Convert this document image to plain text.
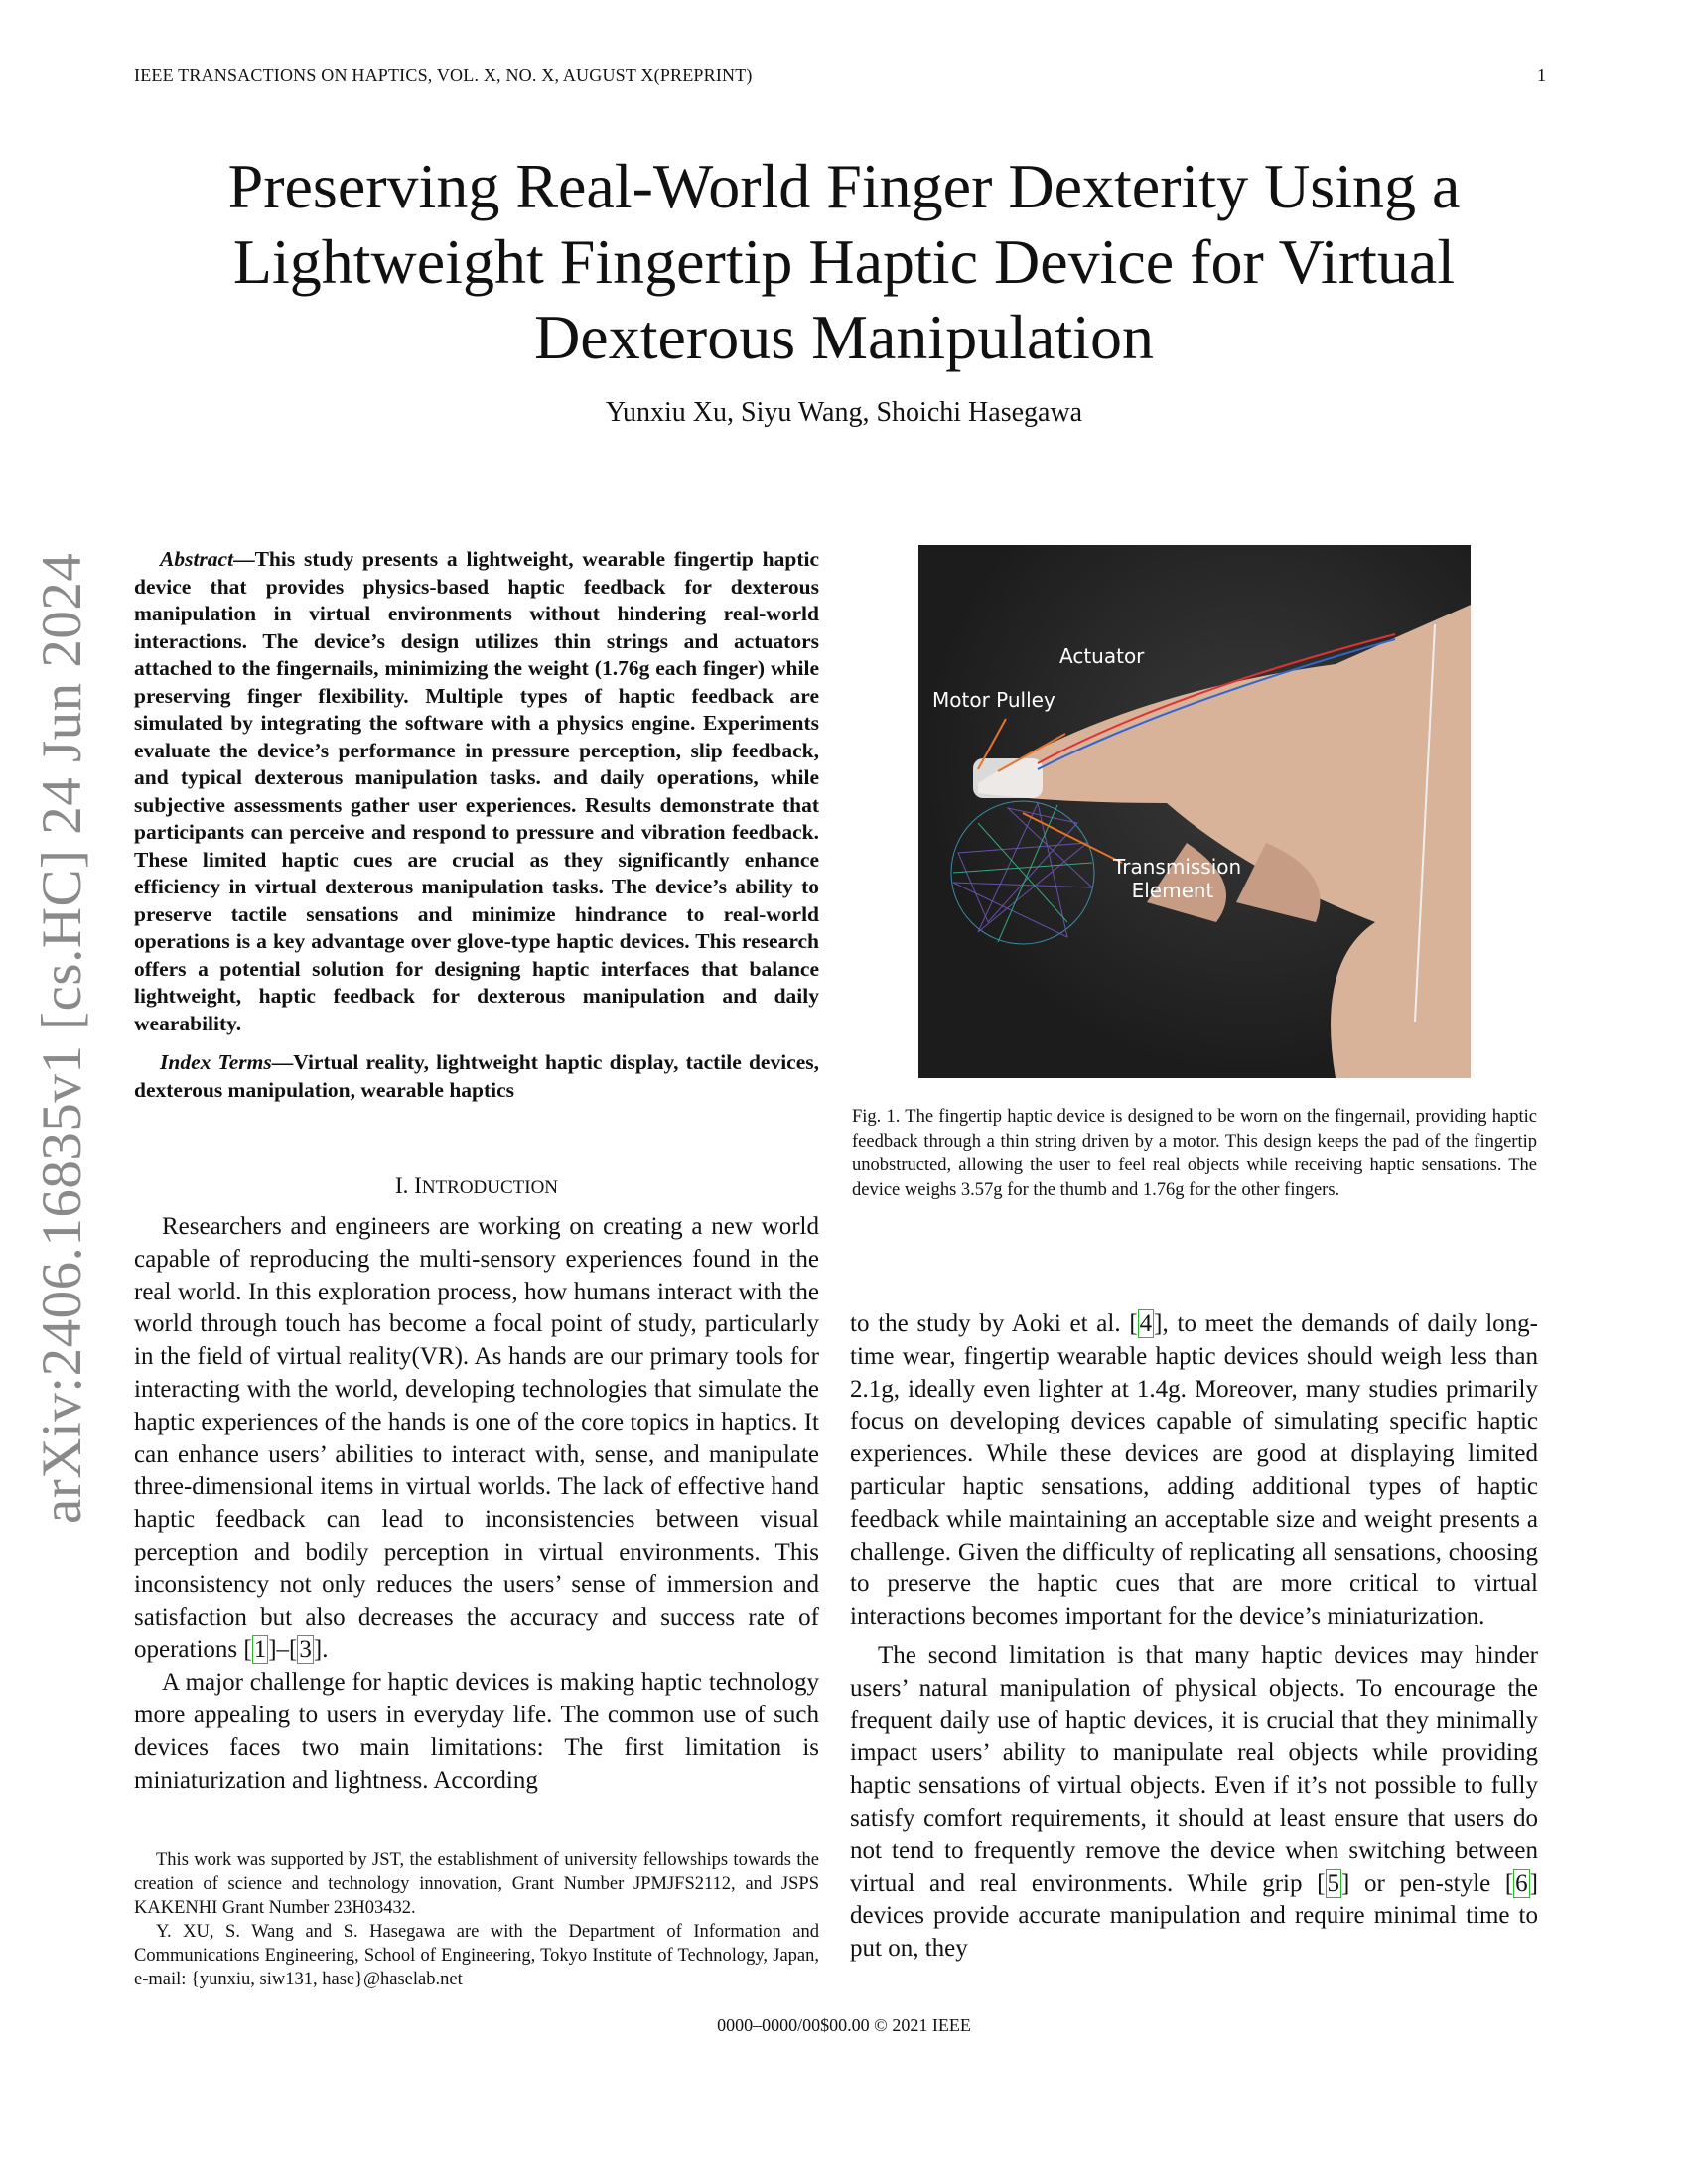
IEEE TRANSACTIONS ON HAPTICS, VOL. X, NO. X, AUGUST X(PREPRINT)	1
Preserving Real-World Finger Dexterity Using a Lightweight Fingertip Haptic Device for Virtual Dexterous Manipulation
Yunxiu Xu, Siyu Wang, Shoichi Hasegawa
arXiv:2406.16835v1 [cs.HC] 24 Jun 2024	Abstract—This study presents a lightweight, wearable fingertip haptic device that provides physics-based haptic feedback for dexterous manipulation in virtual environments without hindering real-world interactions. The device’s design utilizes thin strings and actuators attached to the fingernails, minimizing the weight (1.76g each finger) while preserving finger flexibility. Multiple types of haptic feedback are simulated by integrating the software with a physics engine. Experiments evaluate the device’s performance in pressure perception, slip feedback, and typical dexterous manipulation tasks. and daily operations, while subjective assessments gather user experiences. Results demonstrate that participants can perceive and respond to pressure and vibration feedback. These limited haptic cues are crucial as they significantly enhance efficiency in virtual dexterous manipulation tasks. The device’s ability to preserve tactile sensations and minimize hindrance to real-world operations is a key advantage over glove-type haptic devices. This research offers a potential solution for designing haptic interfaces that balance lightweight, haptic feedback for dexterous manipulation and daily wearability.

Index Terms—Virtual reality, lightweight haptic display, tactile devices, dexterous manipulation, wearable haptics

I. INTRODUCTION

Researchers and engineers are working on creating a new world capable of reproducing the multi-sensory experiences found in the real world. In this exploration process, how humans interact with the world through touch has become a focal point of study, particularly in the field of virtual reality(VR). As hands are our primary tools for interacting with the world, developing technologies that simulate the haptic experiences of the hands is one of the core topics in haptics. It can enhance users’ abilities to interact with, sense, and manipulate three-dimensional items in virtual worlds. The lack of effective hand haptic feedback can lead to inconsistencies between visual perception and bodily perception in virtual environments. This inconsistency not only reduces the users’ sense of immersion and satisfaction but also decreases the accuracy and success rate of operations [1]–[3].

A major challenge for haptic devices is making haptic technology more appealing to users in everyday life. The common use of such devices faces two main limitations: The first limitation is miniaturization and lightness. According

Actuator
Motor Pulley
Transmission
Element
Fig. 1. The fingertip haptic device is designed to be worn on the fingernail, providing haptic feedback through a thin string driven by a motor. This design keeps the pad of the fingertip unobstructed, allowing the user to feel real objects while receiving haptic sensations. The device weighs 3.57g for the thumb and 1.76g for the other fingers.

to the study by Aoki et al. [4], to meet the demands of daily long-time wear, fingertip wearable haptic devices should weigh less than 2.1g, ideally even lighter at 1.4g. Moreover, many studies primarily focus on developing devices capable of simulating specific haptic experiences. While these devices are good at displaying limited particular haptic sensations, adding additional types of haptic feedback while maintaining an acceptable size and weight presents a challenge. Given the difficulty of replicating all sensations, choosing to preserve the haptic cues that are more critical to virtual interactions becomes important for the device’s miniaturization.

The second limitation is that many haptic devices may hinder users’ natural manipulation of physical objects. To encourage the frequent daily use of haptic devices, it is crucial that they minimally impact users’ ability to manipulate real objects while providing haptic sensations of virtual objects. Even if it’s not possible to fully satisfy comfort requirements, it should at least ensure that users do not tend to frequently remove the device when switching between virtual and real environments. While grip [5] or pen-style [6] devices provide accurate manipulation and require minimal time to put on, they

This work was supported by JST, the establishment of university fellowships towards the creation of science and technology innovation, Grant Number JPMJFS2112, and JSPS KAKENHI Grant Number 23H03432.

Y. XU, S. Wang and S. Hasegawa are with the Department of Information and Communications Engineering, School of Engineering, Tokyo Institute of Technology, Japan, e-mail: {yunxiu, siw131, hase}@haselab.net

0000–0000/00$00.00 © 2021 IEEE
